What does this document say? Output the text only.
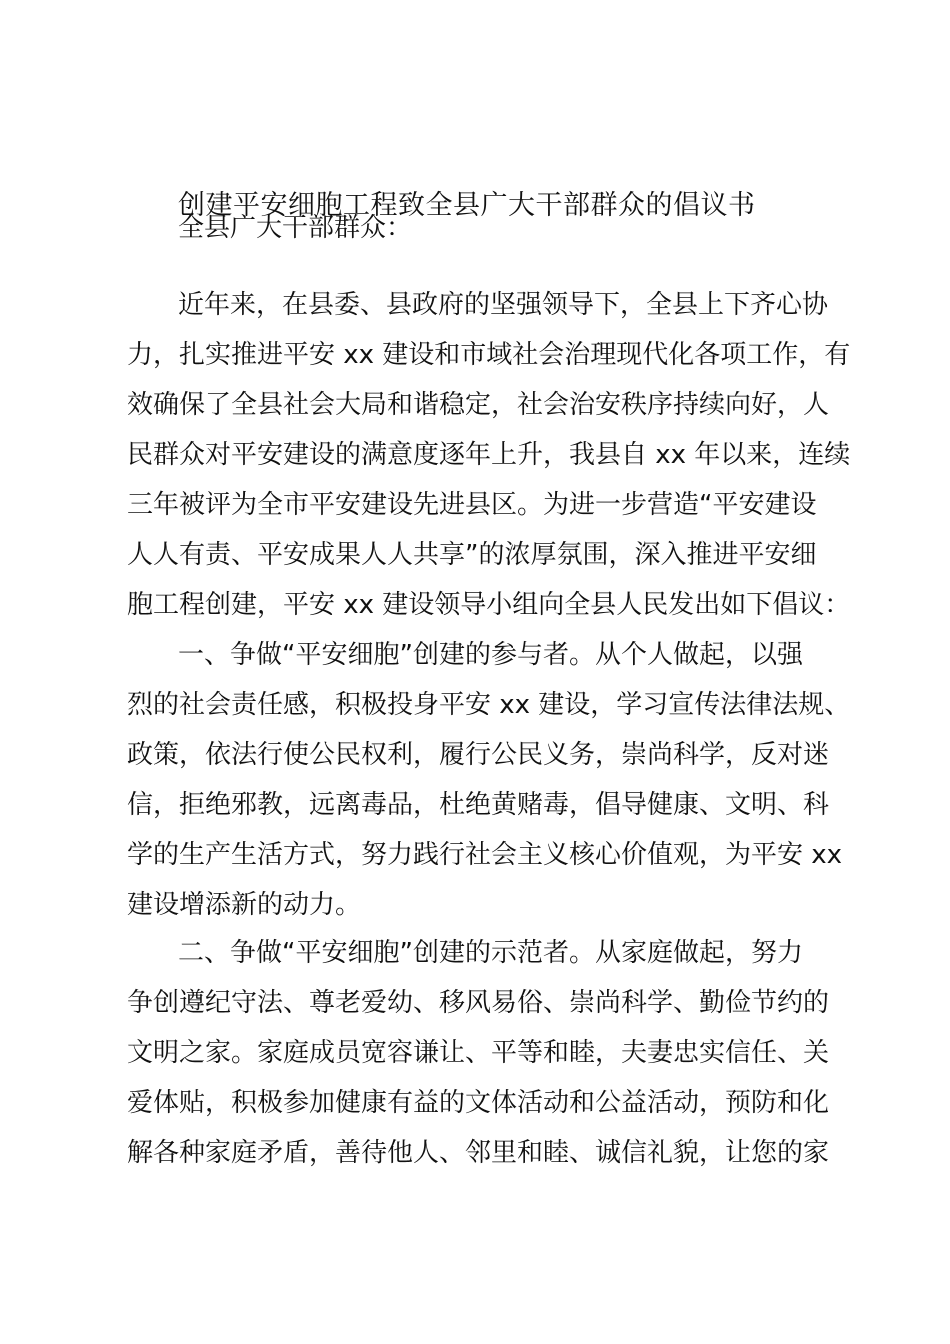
创建平安细胞工程致全县广大干部群众的倡议书
全县广大干部群众：
近年来，在县委、县政府的坚强领导下，全县上下齐心协
力，扎实推进平安 xx 建设和市域社会治理现代化各项工作，有
效确保了全县社会大局和谐稳定，社会治安秩序持续向好，人
民群众对平安建设的满意度逐年上升，我县自 xx 年以来，连续
三年被评为全市平安建设先进县区。为进一步营造“平安建设
人人有责、平安成果人人共享”的浓厚氛围，深入推进平安细
胞工程创建，平安 xx 建设领导小组向全县人民发出如下倡议：
一、争做“平安细胞”创建的参与者。从个人做起，以强
烈的社会责任感，积极投身平安 xx 建设，学习宣传法律法规、
政策，依法行使公民权利，履行公民义务，崇尚科学，反对迷
信，拒绝邪教，远离毒品，杜绝黄赌毒，倡导健康、文明、科
学的生产生活方式，努力践行社会主义核心价值观，为平安 xx
建设增添新的动力。
二、争做“平安细胞”创建的示范者。从家庭做起，努力
争创遵纪守法、尊老爱幼、移风易俗、崇尚科学、勤俭节约的
文明之家。家庭成员宽容谦让、平等和睦，夫妻忠实信任、关
爱体贴，积极参加健康有益的文体活动和公益活动，预防和化
解各种家庭矛盾，善待他人、邻里和睦、诚信礼貌，让您的家
